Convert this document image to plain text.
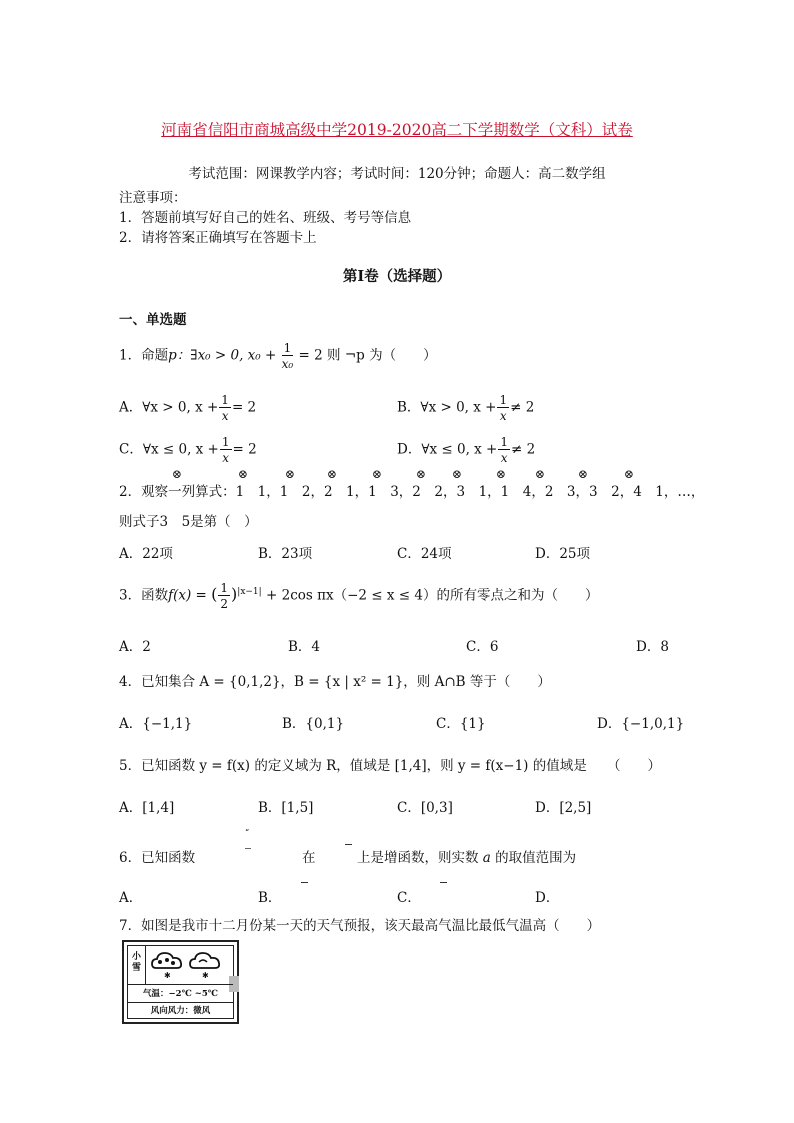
河南省信阳市商城高级中学2019-2020高二下学期数学（文科）试卷
考试范围：网课教学内容；考试时间：120分钟；命题人：高二数学组
注意事项：
1．答题前填写好自己的姓名、班级、考号等信息
2．请将答案正确填写在答题卡上
第I卷（选择题）
一、单选题
1．命题p：∃x₀ > 0, $x_0 + \frac{1}{\text{x₀}} = 2$ 则 ¬p 为（　　）
A．∀x > 0, $x + \frac{1}{x} = 2$	B．∀x > 0, $x + \frac{1}{x} \ne 2$
C．∀x ≤ 0, $x + \frac{1}{x} = 2$	D．∀x ≤ 0, $x + \frac{1}{x} \ne 2$
2．观察一列算式：1　1，1　2，2　1，1　3，2　2，3　1，1　4，2　3，3　2，4　1，…，
⊗	⊗	⊗	⊗	⊗	⊗ ⊗	⊗ ⊗	⊗	⊗
则式子3　5是第（　）
A．22项	B．23项	C．24项	D．25项
3．函数f(x) = ( $\frac{1}{2} )^{|x-1|} + 2\cos$ πx（−2 ≤ x ≤ 4）的所有零点之和为（　　）
A．2	B．4	C．6	D．8
4．已知集合 A = {0,1,2}，B = {x | x² = 1}，则 A∩B 等于（　　）
A．{−1,1}	B．{0,1}	C．{1}	D．{−1,0,1}
5．已知函数 y = f(x) 的定义域为 R，值域是 [1,4]，则 y = f(x−1) 的值域是　　（　　）
A．[1,4]	B．[1,5]	C．[0,3]	D．[2,5]
6．已知函数
“
在	上是增函数，则实数 a 的取值范围为
A．	B．	C．	D．
7．如图是我市十二月份某一天的天气预报，该天最高气温比最低气温高（　　）
小雪
✱	✱
气温：−2℃ ~5℃
风向风力：微风
